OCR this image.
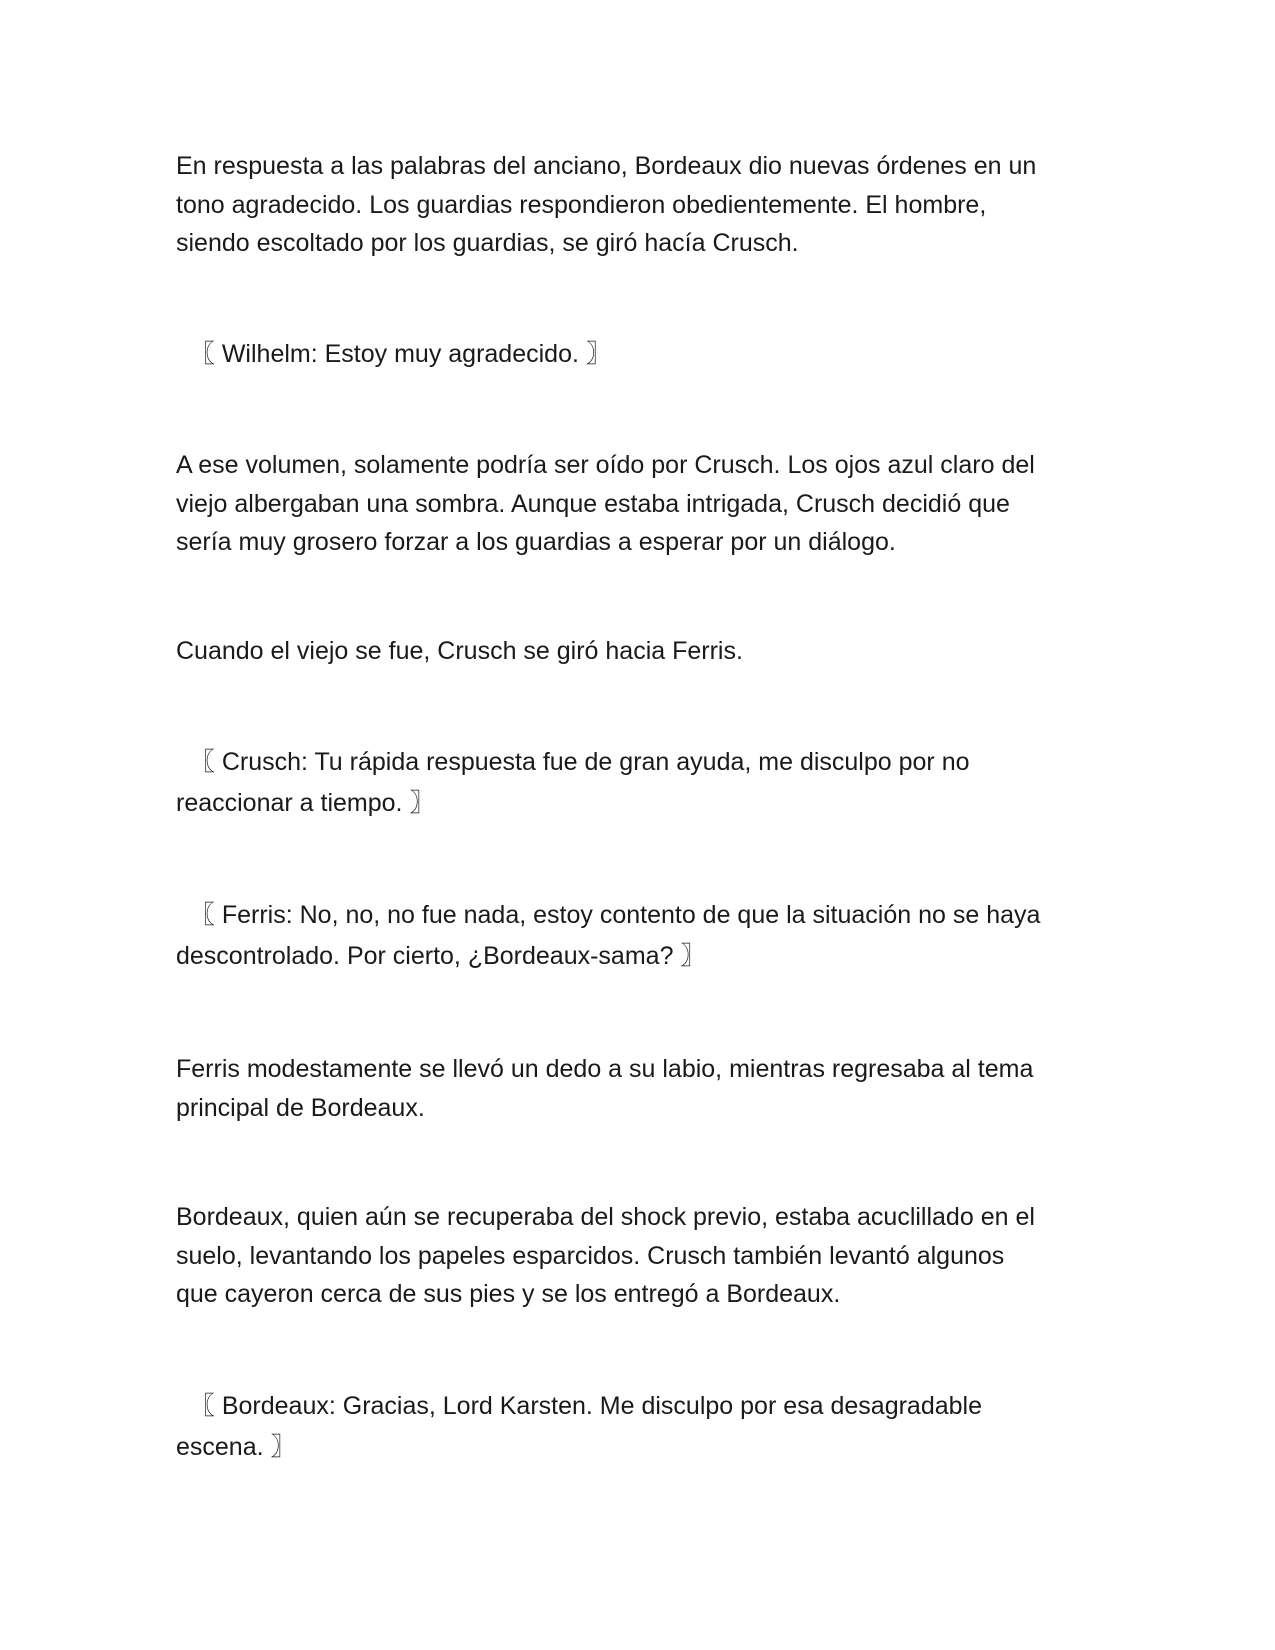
En respuesta a las palabras del anciano, Bordeaux dio nuevas órdenes en un
tono agradecido. Los guardias respondieron obedientemente. El hombre,
siendo escoltado por los guardias, se giró hacía Crusch.

〖 Wilhelm: Estoy muy agradecido. 〗

A ese volumen, solamente podría ser oído por Crusch. Los ojos azul claro del
viejo albergaban una sombra. Aunque estaba intrigada, Crusch decidió que
sería muy grosero forzar a los guardias a esperar por un diálogo.

Cuando el viejo se fue, Crusch se giró hacia Ferris.

〖 Crusch: Tu rápida respuesta fue de gran ayuda, me disculpo por no
reaccionar a tiempo. 〗

〖 Ferris: No, no, no fue nada, estoy contento de que la situación no se haya
descontrolado. Por cierto, ¿Bordeaux-sama? 〗

Ferris modestamente se llevó un dedo a su labio, mientras regresaba al tema
principal de Bordeaux.

Bordeaux, quien aún se recuperaba del shock previo, estaba acuclillado en el
suelo, levantando los papeles esparcidos. Crusch también levantó algunos
que cayeron cerca de sus pies y se los entregó a Bordeaux.

〖 Bordeaux: Gracias, Lord Karsten. Me disculpo por esa desagradable
escena. 〗
